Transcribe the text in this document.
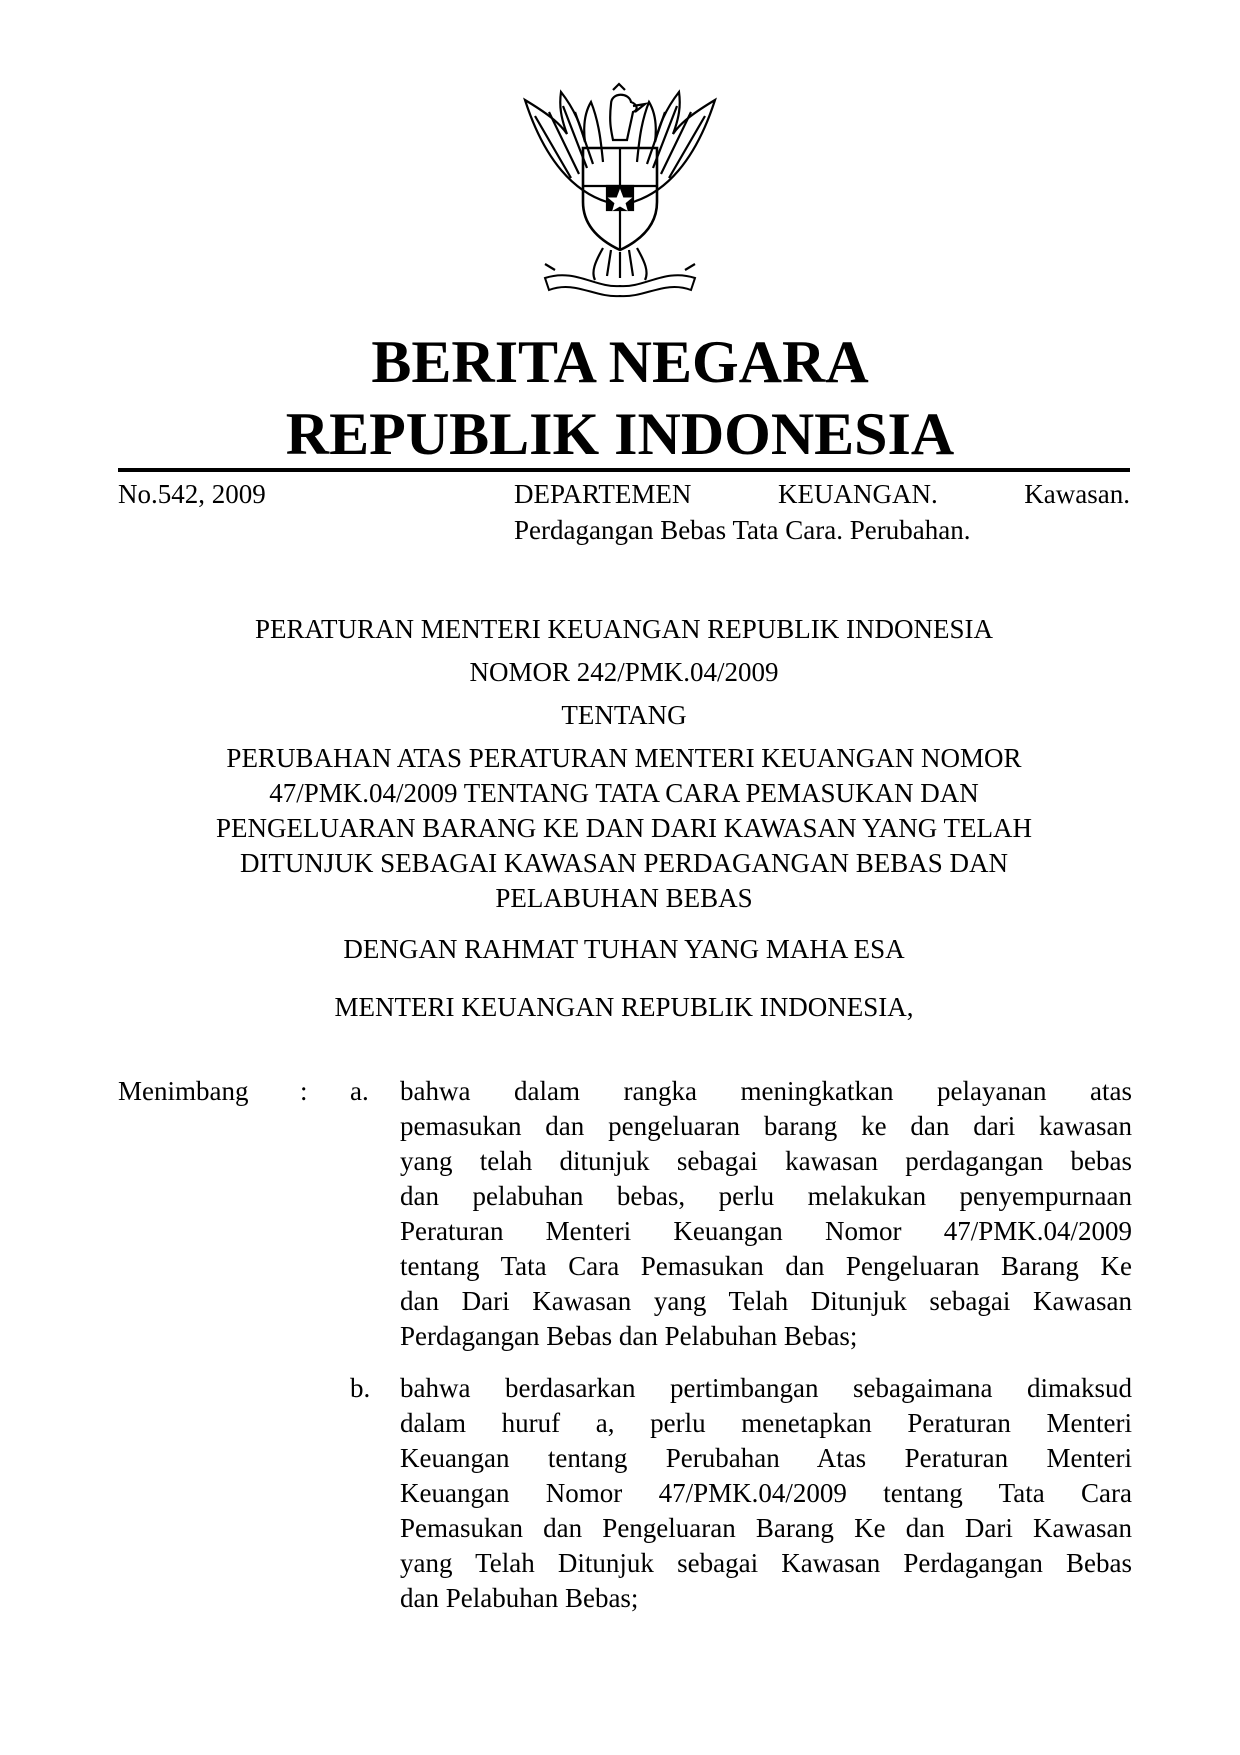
BERITA NEGARA
REPUBLIK INDONESIA
No.542, 2009	DEPARTEMEN	KEUANGAN.	Kawasan.
Perdagangan Bebas Tata Cara. Perubahan.
PERATURAN MENTERI KEUANGAN REPUBLIK INDONESIA
NOMOR 242/PMK.04/2009
TENTANG
PERUBAHAN ATAS PERATURAN MENTERI KEUANGAN NOMOR
47/PMK.04/2009 TENTANG TATA CARA PEMASUKAN DAN
PENGELUARAN BARANG KE DAN DARI KAWASAN YANG TELAH
DITUNJUK SEBAGAI KAWASAN PERDAGANGAN BEBAS DAN
PELABUHAN BEBAS
DENGAN RAHMAT TUHAN YANG MAHA ESA
MENTERI KEUANGAN REPUBLIK INDONESIA,
Menimbang : a.	bahwa dalam rangka meningkatkan pelayanan atas
pemasukan dan pengeluaran barang ke dan dari kawasan
yang telah ditunjuk sebagai kawasan perdagangan bebas
dan pelabuhan bebas, perlu melakukan penyempurnaan
Peraturan Menteri Keuangan Nomor 47/PMK.04/2009
tentang Tata Cara Pemasukan dan Pengeluaran Barang Ke
dan Dari Kawasan yang Telah Ditunjuk sebagai Kawasan
Perdagangan Bebas dan Pelabuhan Bebas;
b.	bahwa berdasarkan pertimbangan sebagaimana dimaksud
dalam huruf a, perlu menetapkan Peraturan Menteri
Keuangan tentang Perubahan Atas Peraturan Menteri
Keuangan Nomor 47/PMK.04/2009 tentang Tata Cara
Pemasukan dan Pengeluaran Barang Ke dan Dari Kawasan
yang Telah Ditunjuk sebagai Kawasan Perdagangan Bebas
dan Pelabuhan Bebas;
